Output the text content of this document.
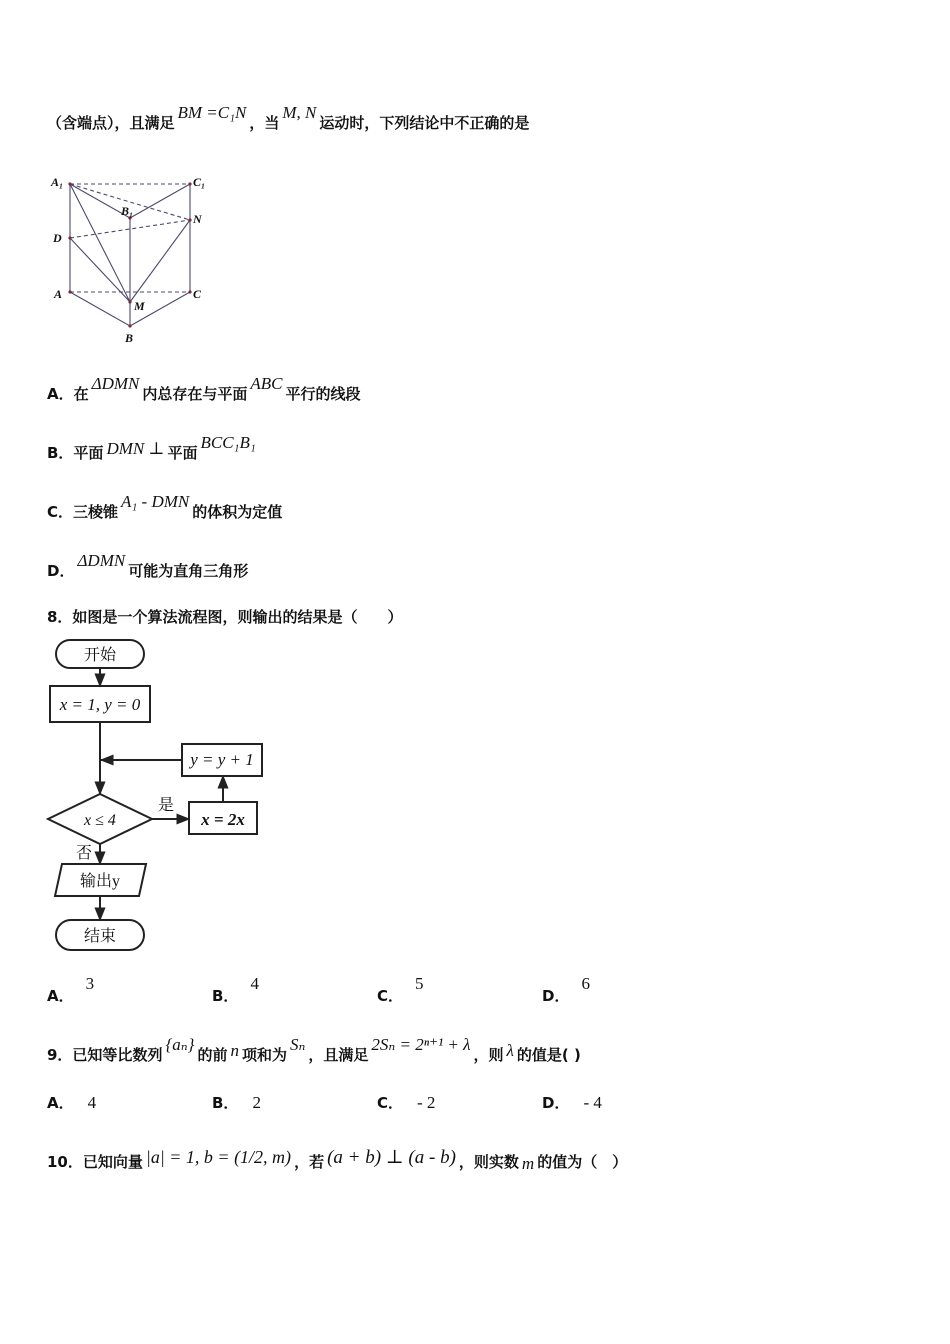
（含端点），且满足BM =C₁N，当M, N运动时，下列结论中不正确的是
A₁	C₁
B₁
N
D
A	C
M
B
A．在ΔDMN内总存在与平面ABC平行的线段
B．平面 DMN ⊥ 平面BCC₁B₁
C．三棱锥A₁ - DMN的体积为定值
D．ΔDMN可能为直角三角形
8．如图是一个算法流程图，则输出的结果是（　　）
开始
x = 1, y = 0
x ≤ 4	x = 2x
y = y + 1
输出y
结束
是
否
A．3
B．4
C．5
D．6
9．已知等比数列{aₙ}的前 n 项和为Sₙ，且满足2Sₙ = 2ⁿ⁺¹ + λ，则 λ 的值是( )
A． 4	B． 2	C． - 2	D． - 4
10．已知向量 |a| = 1, b = (1/2, m) ，若 (a + b) ⊥ (a - b) ，则实数 m 的值为（　）
